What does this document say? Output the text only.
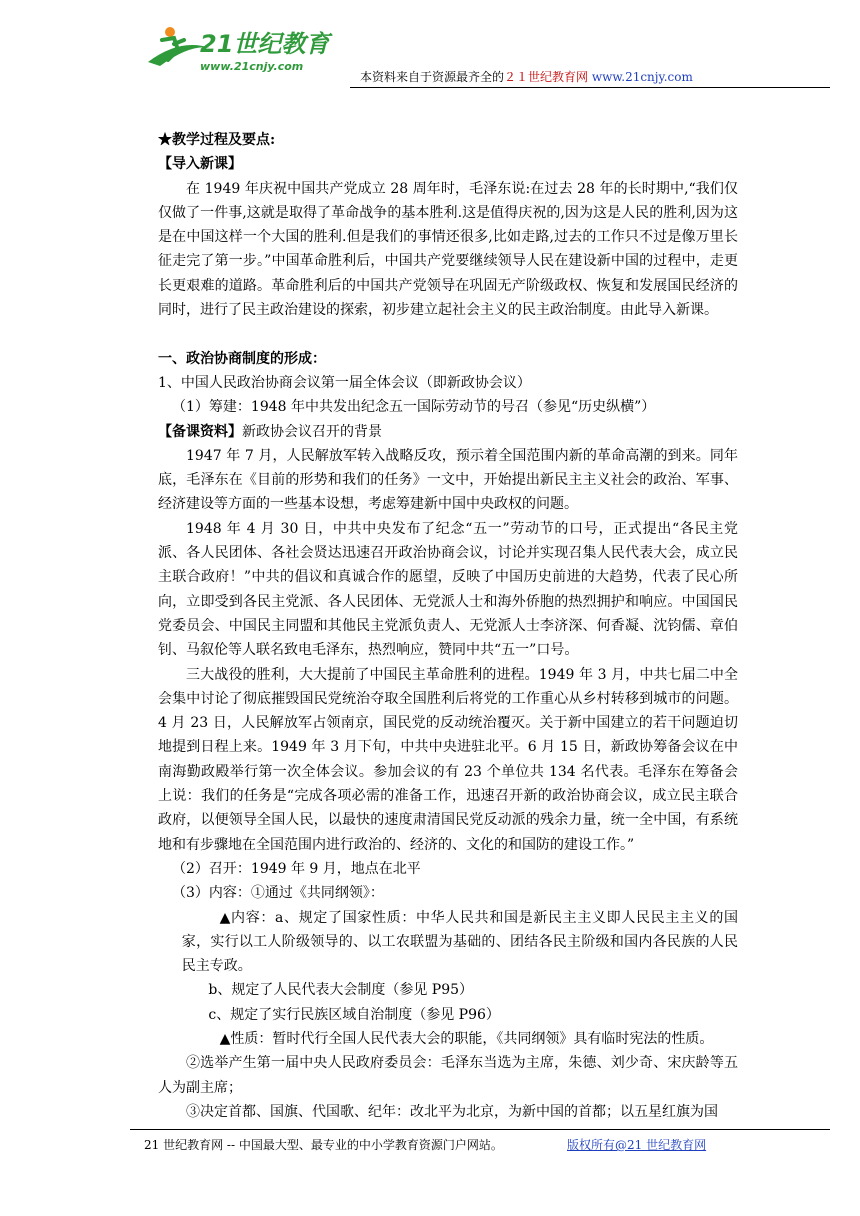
21世纪教育
www.21cnjy.com
本资料来自于资源最齐全的２１世纪教育网 www.21cnjy.com

★教学过程及要点:

【导入新课】

在 1949 年庆祝中国共产党成立 28 周年时，毛泽东说:在过去 28 年的长时期中,“我们仅仅做了一件事,这就是取得了革命战争的基本胜利.这是值得庆祝的,因为这是人民的胜利,因为这是在中国这样一个大国的胜利.但是我们的事情还很多,比如走路,过去的工作只不过是像万里长征走完了第一步。”中国革命胜利后，中国共产党要继续领导人民在建设新中国的过程中，走更长更艰难的道路。革命胜利后的中国共产党领导在巩固无产阶级政权、恢复和发展国民经济的同时，进行了民主政治建设的探索，初步建立起社会主义的民主政治制度。由此导入新课。

一、政治协商制度的形成：

1、中国人民政治协商会议第一届全体会议（即新政协会议）

（1）筹建：1948 年中共发出纪念五一国际劳动节的号召（参见“历史纵横”）

【备课资料】新政协会议召开的背景

1947 年 7 月，人民解放军转入战略反攻，预示着全国范围内新的革命高潮的到来。同年底，毛泽东在《目前的形势和我们的任务》一文中，开始提出新民主主义社会的政治、军事、经济建设等方面的一些基本设想，考虑筹建新中国中央政权的问题。

1948 年 4 月 30 日，中共中央发布了纪念“五一”劳动节的口号，正式提出“各民主党派、各人民团体、各社会贤达迅速召开政治协商会议，讨论并实现召集人民代表大会，成立民主联合政府！”中共的倡议和真诚合作的愿望，反映了中国历史前进的大趋势，代表了民心所向，立即受到各民主党派、各人民团体、无党派人士和海外侨胞的热烈拥护和响应。中国国民党委员会、中国民主同盟和其他民主党派负责人、无党派人士李济深、何香凝、沈钧儒、章伯钊、马叙伦等人联名致电毛泽东，热烈响应，赞同中共“五一”口号。

三大战役的胜利，大大提前了中国民主革命胜利的进程。1949 年 3 月，中共七届二中全会集中讨论了彻底摧毁国民党统治夺取全国胜利后将党的工作重心从乡村转移到城市的问题。4 月 23 日，人民解放军占领南京，国民党的反动统治覆灭。关于新中国建立的若干问题迫切地提到日程上来。1949 年 3 月下旬，中共中央进驻北平。6 月 15 日，新政协筹备会议在中南海勤政殿举行第一次全体会议。参加会议的有 23 个单位共 134 名代表。毛泽东在筹备会上说：我们的任务是“完成各项必需的准备工作，迅速召开新的政治协商会议，成立民主联合政府，以便领导全国人民，以最快的速度肃清国民党反动派的残余力量，统一全中国，有系统地和有步骤地在全国范围内进行政治的、经济的、文化的和国防的建设工作。”

（2）召开：1949 年 9 月，地点在北平

（3）内容：①通过《共同纲领》：

▲内容：a、规定了国家性质：中华人民共和国是新民主主义即人民民主主义的国家，实行以工人阶级领导的、以工农联盟为基础的、团结各民主阶级和国内各民族的人民民主专政。

b、规定了人民代表大会制度（参见 P95）

c、规定了实行民族区域自治制度（参见 P96）

▲性质：暂时代行全国人民代表大会的职能，《共同纲领》具有临时宪法的性质。

②选举产生第一届中央人民政府委员会：毛泽东当选为主席，朱德、刘少奇、宋庆龄等五人为副主席；

③决定首都、国旗、代国歌、纪年：改北平为北京，为新中国的首都；以五星红旗为国

21 世纪教育网 -- 中国最大型、最专业的中小学教育资源门户网站。	版权所有@21 世纪教育网
